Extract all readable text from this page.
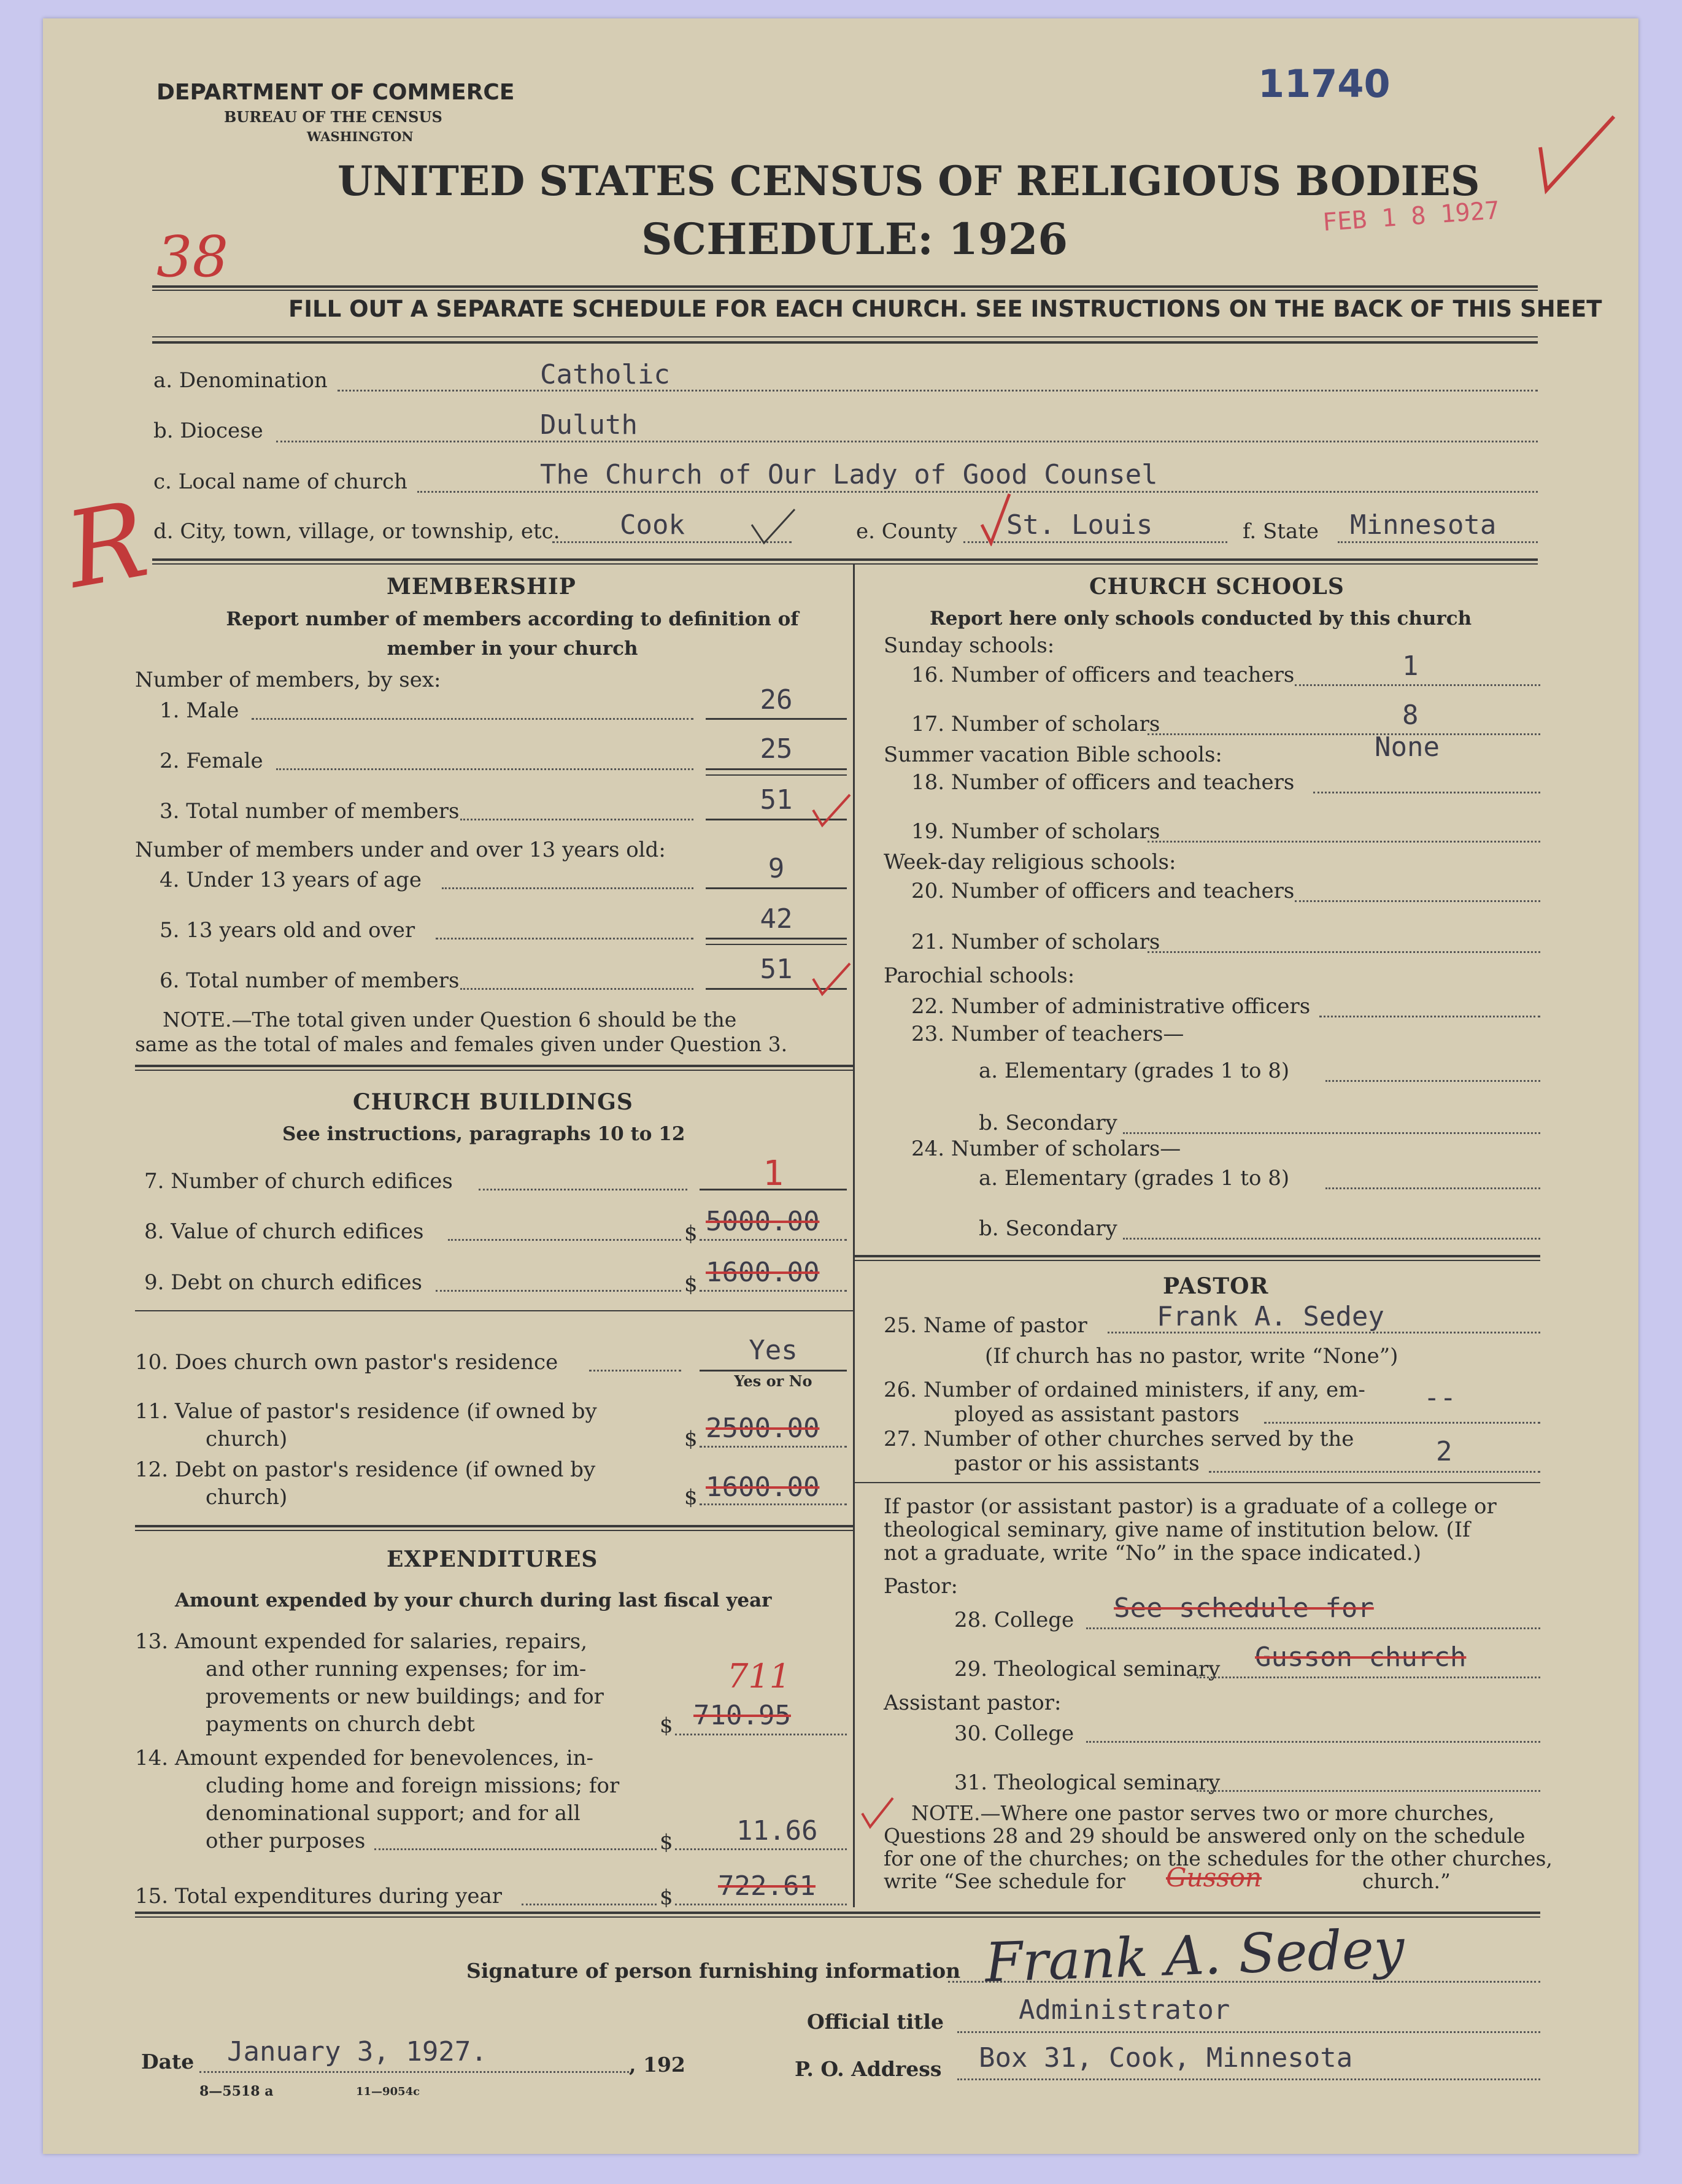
DEPARTMENT OF COMMERCE
BUREAU OF THE CENSUS
WASHINGTON
11740
UNITED STATES CENSUS OF RELIGIOUS BODIES
SCHEDULE: 1926	FEB 1 8 1927
38
R
FILL OUT A SEPARATE SCHEDULE FOR EACH CHURCH. SEE INSTRUCTIONS ON THE BACK OF THIS SHEET
a. Denomination	Catholic
b. Diocese	Duluth
c. Local name of church	The Church of Our Lady of Good Counsel
d. City, town, village, or township, etc. Cook	e. County St. Louis	f. State Minnesota
MEMBERSHIP
Report number of members according to definition of member in your church
Number of members, by sex:
1. Male	26
2. Female	25
3. Total number of members	51
Number of members under and over 13 years old:
4. Under 13 years of age	9
5. 13 years old and over	42
6. Total number of members	51
NOTE.—The total given under Question 6 should be the
same as the total of males and females given under Question 3.
CHURCH BUILDINGS
See instructions, paragraphs 10 to 12
7. Number of church edifices	1
8. Value of church edifices	$ 5000.00
9. Debt on church edifices	$ 1600.00
10. Does church own pastor's residence	Yes
Yes or No
11. Value of pastor's residence (if owned by
church)	$ 2500.00
12. Debt on pastor's residence (if owned by
church)	$ 1600.00
EXPENDITURES
Amount expended by your church during last fiscal year
13. Amount expended for salaries, repairs,
and other running expenses; for im-
provements or new buildings; and for
payments on church debt	$ 710.95
711
14. Amount expended for benevolences, in-
cluding home and foreign missions; for
denominational support; and for all
other purposes	$ 11.66
15. Total expenditures during year	$ 722.61
CHURCH SCHOOLS
Report here only schools conducted by this church
Sunday schools:
16. Number of officers and teachers	1
17. Number of scholars	8
Summer vacation Bible schools:	None
18. Number of officers and teachers
19. Number of scholars
Week-day religious schools:
20. Number of officers and teachers
21. Number of scholars
Parochial schools:
22. Number of administrative officers
23. Number of teachers—
a. Elementary (grades 1 to 8)
b. Secondary
24. Number of scholars—
a. Elementary (grades 1 to 8)
b. Secondary
PASTOR
25. Name of pastor	Frank A. Sedey
(If church has no pastor, write “None”)
26. Number of ordained ministers, if any, em-
ployed as assistant pastors
--
27. Number of other churches served by the
pastor or his assistants	2
If pastor (or assistant pastor) is a graduate of a college or
theological seminary, give name of institution below. (If
not a graduate, write “No” in the space indicated.)
Pastor:
28. College See schedule for
29. Theological seminary Gusson church
Assistant pastor:
30. College
31. Theological seminary
NOTE.—Where one pastor serves two or more churches,
Questions 28 and 29 should be answered only on the schedule
for one of the churches; on the schedules for the other churches,
write “See schedule for Gusson	church.”
Signature of person furnishing information Frank A. Sedey
Official title	Administrator
Date January 3, 1927.	, 192	P. O. Address Box 31, Cook, Minnesota
8—5518 a	11—9054c
